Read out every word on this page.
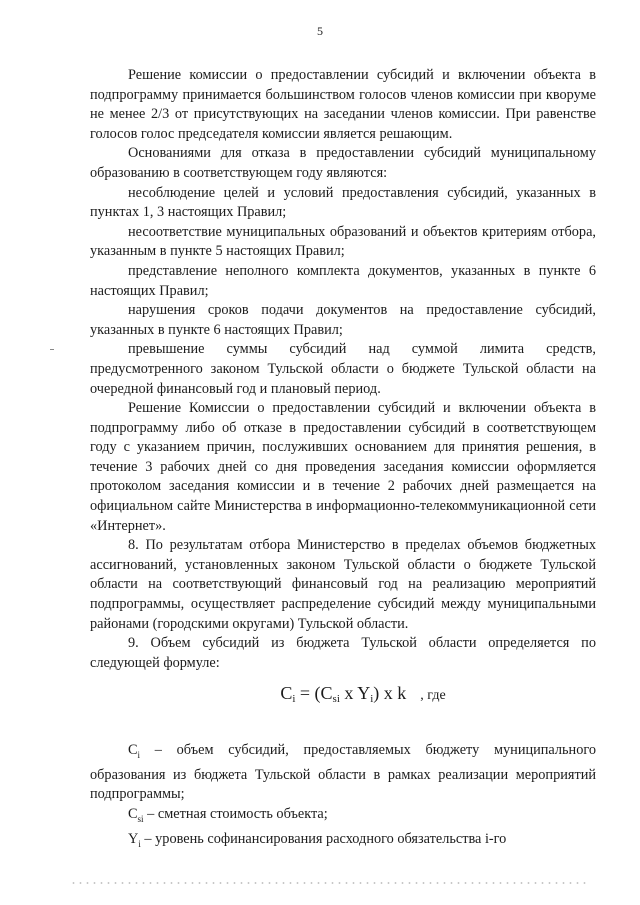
5

Решение комиссии о предоставлении субсидий и включении объекта в подпрограмму принимается большинством голосов членов комиссии при кворуме не менее 2/3 от присутствующих на заседании членов комиссии. При равенстве голосов голос председателя комиссии является решающим.

Основаниями для отказа в предоставлении субсидий муниципальному образованию в соответствующем году являются:

несоблюдение целей и условий предоставления субсидий, указанных в пунктах 1, 3 настоящих Правил;

несоответствие муниципальных образований и объектов критериям отбора, указанным в пункте 5 настоящих Правил;

представление неполного комплекта документов, указанных в пункте 6 настоящих Правил;

нарушения сроков подачи документов на предоставление субсидий, указанных в пункте 6 настоящих Правил;

превышение суммы субсидий над суммой лимита средств, предусмотренного законом Тульской области о бюджете Тульской области на очередной финансовый год и плановый период.

Решение Комиссии о предоставлении субсидий и включении объекта в подпрограмму либо об отказе в предоставлении субсидий в соответствующем году с указанием причин, послуживших основанием для принятия решения, в течение 3 рабочих дней со дня проведения заседания комиссии оформляется протоколом заседания комиссии и в течение 2 рабочих дней размещается на официальном сайте Министерства в информационно-телекоммуникационной сети «Интернет».

8. По результатам отбора Министерство в пределах объемов бюджетных ассигнований, установленных законом Тульской области о бюджете Тульской области на соответствующий финансовый год на реализацию мероприятий подпрограммы, осуществляет распределение субсидий между муниципальными районами (городскими округами) Тульской области.

9. Объем субсидий из бюджета Тульской области определяется по следующей формуле:

$C_i = (C_{si}$ x $Y_i$) x k , где

$C_i$ – объем субсидий, предоставляемых бюджету муниципального образования из бюджета Тульской области в рамках реализации мероприятий подпрограммы;

$C_{si}$ – сметная стоимость объекта;

$Y_i$ – уровень софинансирования расходного обязательства i-го
